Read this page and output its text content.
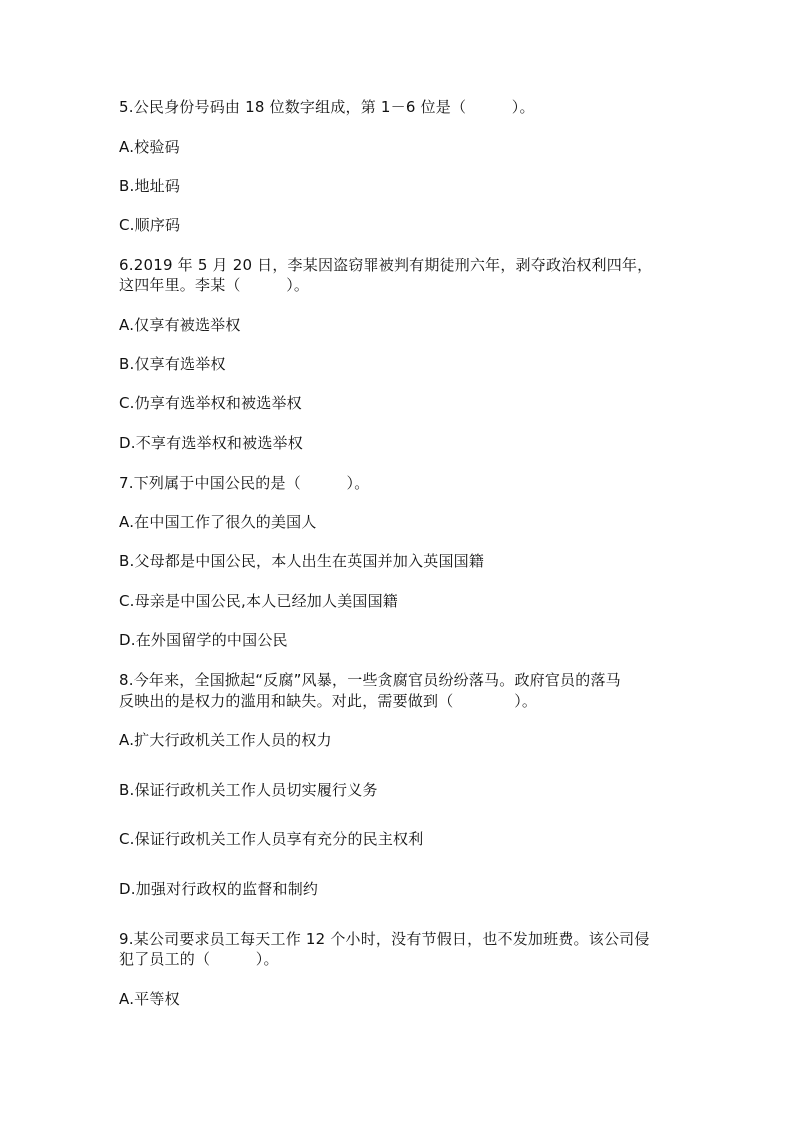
5.公民身份号码由 18 位数字组成，第 1－6 位是（　　　）。
A.校验码
B.地址码
C.顺序码
6.2019 年 5 月 20 日，李某因盗窃罪被判有期徒刑六年，剥夺政治权利四年，
这四年里。李某（　　　）。
A.仅享有被选举权
B.仅享有选举权
C.仍享有选举权和被选举权
D.不享有选举权和被选举权
7.下列属于中国公民的是（　　　）。
A.在中国工作了很久的美国人
B.父母都是中国公民，本人出生在英国并加入英国国籍
C.母亲是中国公民,本人已经加人美国国籍
D.在外国留学的中国公民
8.今年来，全国掀起“反腐”风暴，一些贪腐官员纷纷落马。政府官员的落马
反映出的是权力的滥用和缺失。对此，需要做到（　　　　）。
A.扩大行政机关工作人员的权力
B.保证行政机关工作人员切实履行义务
C.保证行政机关工作人员享有充分的民主权利
D.加强对行政权的监督和制约
9.某公司要求员工每天工作 12 个小时，没有节假日，也不发加班费。该公司侵
犯了员工的（　　　）。
A.平等权
